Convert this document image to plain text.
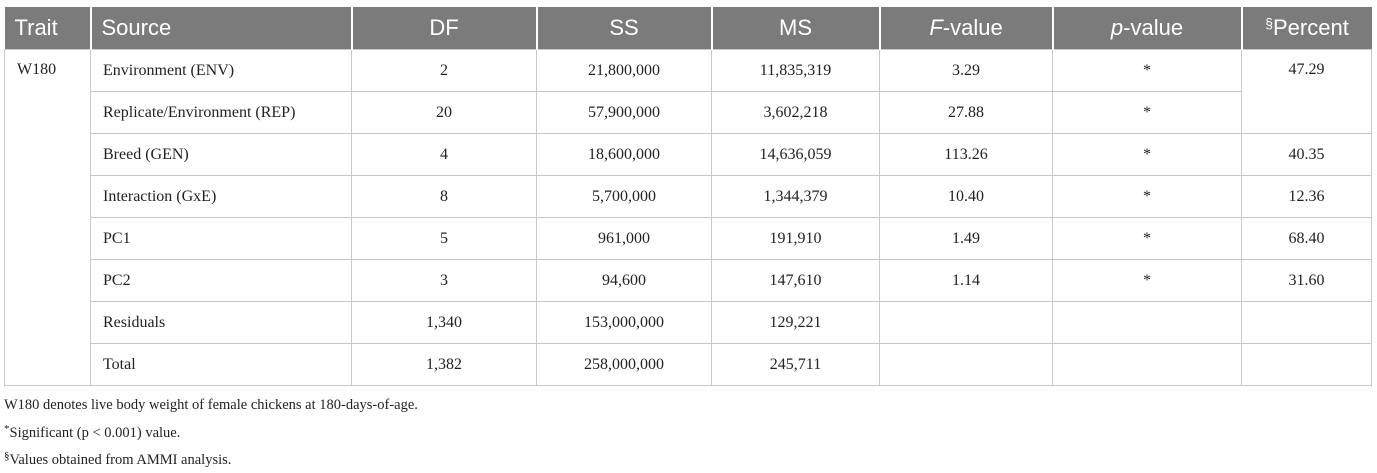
Trait	Source	DF	SS	MS	F-value	p-value	§Percent
W180	Environment (ENV)	2	21,800,000	11,835,319	3.29	*	47.29
	Replicate/Environment (REP)	20	57,900,000	3,602,218	27.88	*	
	Breed (GEN)	4	18,600,000	14,636,059	113.26	*	40.35
	Interaction (GxE)	8	5,700,000	1,344,379	10.40	*	12.36
	PC1	5	961,000	191,910	1.49	*	68.40
	PC2	3	94,600	147,610	1.14	*	31.60
	Residuals	1,340	153,000,000	129,221			
	Total	1,382	258,000,000	245,711			
W180 denotes live body weight of female chickens at 180-days-of-age.
*Significant (p < 0.001) value.
§Values obtained from AMMI analysis.
